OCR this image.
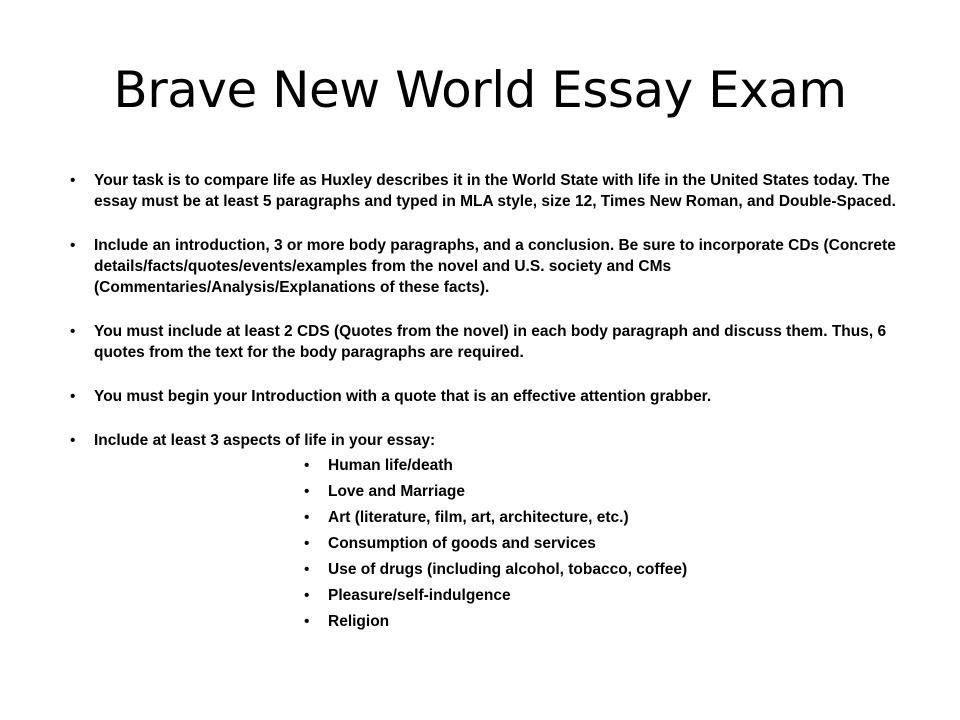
Brave New World Essay Exam
• Your task is to compare life as Huxley describes it in the World State with life in the United States today. The essay must be at least 5 paragraphs and typed in MLA style, size 12, Times New Roman, and Double-Spaced.
• Include an introduction, 3 or more body paragraphs, and a conclusion. Be sure to incorporate CDs (Concrete details/facts/quotes/events/examples from the novel and U.S. society and CMs (Commentaries/Analysis/Explanations of these facts).
• You must include at least 2 CDS (Quotes from the novel) in each body paragraph and discuss them. Thus, 6 quotes from the text for the body paragraphs are required.
• You must begin your Introduction with a quote that is an effective attention grabber.
• Include at least 3 aspects of life in your essay:
• Human life/death
• Love and Marriage
• Art (literature, film, art, architecture, etc.)
• Consumption of goods and services
• Use of drugs (including alcohol, tobacco, coffee)
• Pleasure/self-indulgence
• Religion
